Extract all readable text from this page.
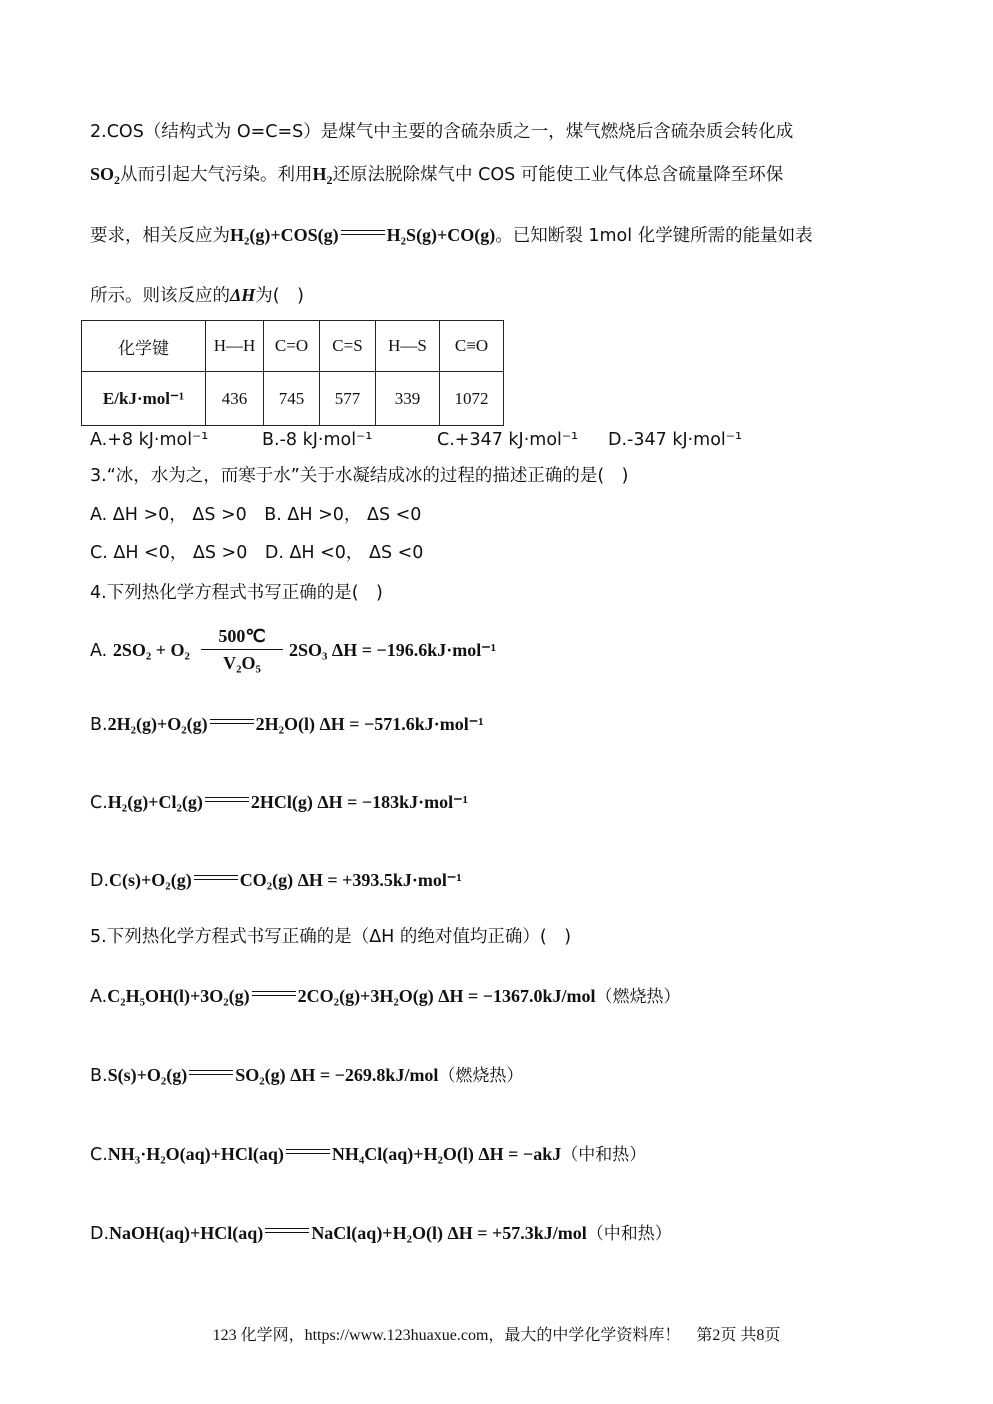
2.COS（结构式为 O=C=S）是煤气中主要的含硫杂质之一，煤气燃烧后含硫杂质会转化成
$SO_2$从而引起大气污染。利用$H_2$还原法脱除煤气中 COS 可能使工业气体总含硫量降至环保
要求，相关反应为H₂(g)+COS(g)	H₂S(g)+CO(g)。已知断裂 1mol 化学键所需的能量如表
所示。则该反应的ΔH为(　)
化学键	H—H	C=O	C=S	H—S	C≡O
E/kJ·mol⁻¹	436	745	577	339	1072
A.+8 kJ·mol⁻¹	B.-8 kJ·mol⁻¹	C.+347 kJ·mol⁻¹ D.-347 kJ·mol⁻¹
3.“冰，水为之，而寒于水”关于水凝结成冰的过程的描述正确的是(　)
A. ΔH >0， ΔS >0　B. ΔH >0， ΔS <0
C. ΔH <0， ΔS >0　D. ΔH <0， ΔS <0
4.下列热化学方程式书写正确的是(　)
A. 2SO₂ + O₂
500℃
V₂O₅
2SO₃ ΔH = −196.6kJ·mol⁻¹
B.2H₂(g)+O₂(g)	2H₂O(l) ΔH = −571.6kJ·mol⁻¹
C.H₂(g)+Cl₂(g)	2HCl(g) ΔH = −183kJ·mol⁻¹
D.C(s)+O₂(g)	CO₂(g) ΔH = +393.5kJ·mol⁻¹
5.下列热化学方程式书写正确的是（ΔH 的绝对值均正确）(　)
A.C₂H₅OH(l)+3O₂(g)	2CO₂(g)+3H₂O(g) ΔH = −1367.0kJ/mol（燃烧热）
B.S(s)+O₂(g)	SO₂(g) ΔH = −269.8kJ/mol（燃烧热）
C.NH₃·H₂O(aq)+HCl(aq)	NH₄Cl(aq)+H₂O(l) ΔH = −akJ（中和热）
D.NaOH(aq)+HCl(aq)	NaCl(aq)+H₂O(l) ΔH = +57.3kJ/mol（中和热）
123 化学网，https://www.123huaxue.com，最大的中学化学资料库！　第2页 共8页
